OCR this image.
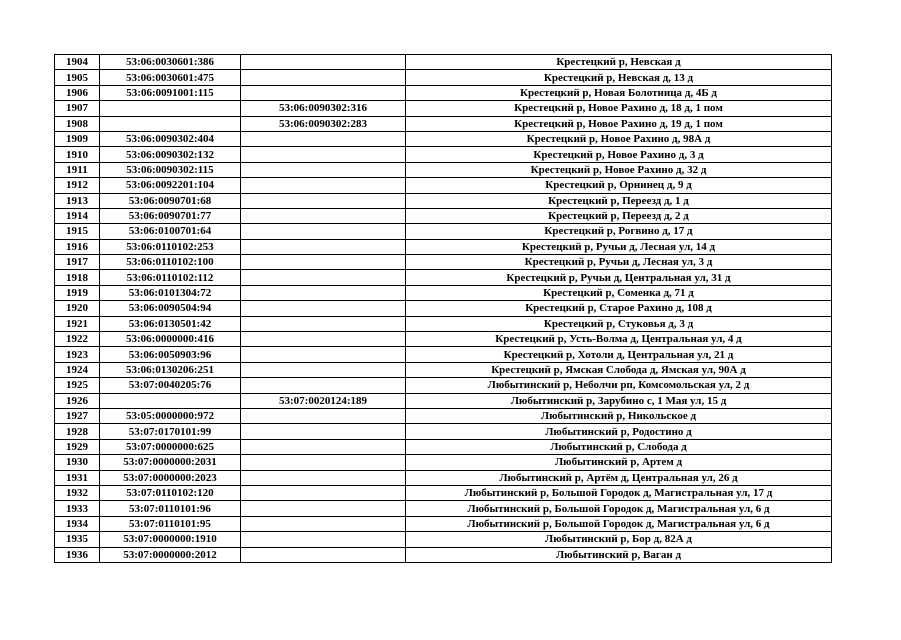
1904	53:06:0030601:386		Крестецкий р, Невская д
1905	53:06:0030601:475		Крестецкий р, Невская д, 13 д
1906	53:06:0091001:115		Крестецкий р, Новая Болотница д, 4Б д
1907		53:06:0090302:316	Крестецкий р, Новое Рахино д, 18 д, 1 пом
1908		53:06:0090302:283	Крестецкий р, Новое Рахино д, 19 д, 1 пом
1909	53:06:0090302:404		Крестецкий р, Новое Рахино д, 98А д
1910	53:06:0090302:132		Крестецкий р, Новое Рахино д, 3 д
1911	53:06:0090302:115		Крестецкий р, Новое Рахино д, 32 д
1912	53:06:0092201:104		Крестецкий р, Орнинец д, 9 д
1913	53:06:0090701:68		Крестецкий р, Переезд д, 1 д
1914	53:06:0090701:77		Крестецкий р, Переезд д, 2 д
1915	53:06:0100701:64		Крестецкий р, Рогвино д, 17 д
1916	53:06:0110102:253		Крестецкий р, Ручьи д, Лесная ул, 14 д
1917	53:06:0110102:100		Крестецкий р, Ручьи д, Лесная ул, 3 д
1918	53:06:0110102:112		Крестецкий р, Ручьи д, Центральная ул, 31 д
1919	53:06:0101304:72		Крестецкий р, Соменка д, 71 д
1920	53:06:0090504:94		Крестецкий р, Старое Рахино д, 108 д
1921	53:06:0130501:42		Крестецкий р, Стуковья д, 3 д
1922	53:06:0000000:416		Крестецкий р, Усть-Волма д, Центральная ул, 4 д
1923	53:06:0050903:96		Крестецкий р, Хотоли д, Центральная ул, 21 д
1924	53:06:0130206:251		Крестецкий р, Ямская Слобода д, Ямская ул, 90А д
1925	53:07:0040205:76		Любытинский р, Неболчи рп, Комсомольская ул, 2 д
1926		53:07:0020124:189	Любытинский р, Зарубино с, 1 Мая ул, 15 д
1927	53:05:0000000:972		Любытинский р, Никольское д
1928	53:07:0170101:99		Любытинский р, Родостино д
1929	53:07:0000000:625		Любытинский р, Слобода д
1930	53:07:0000000:2031		Любытинский р, Артем д
1931	53:07:0000000:2023		Любытинский р, Артём д, Центральная ул, 26 д
1932	53:07:0110102:120		Любытинский р, Большой Городок д, Магистральная ул, 17 д
1933	53:07:0110101:96		Любытинский р, Большой Городок д, Магистральная ул, 6 д
1934	53:07:0110101:95		Любытинский р, Большой Городок д, Магистральная ул, 6 д
1935	53:07:0000000:1910		Любытинский р, Бор д, 82А д
1936	53:07:0000000:2012		Любытинский р, Ваган д
